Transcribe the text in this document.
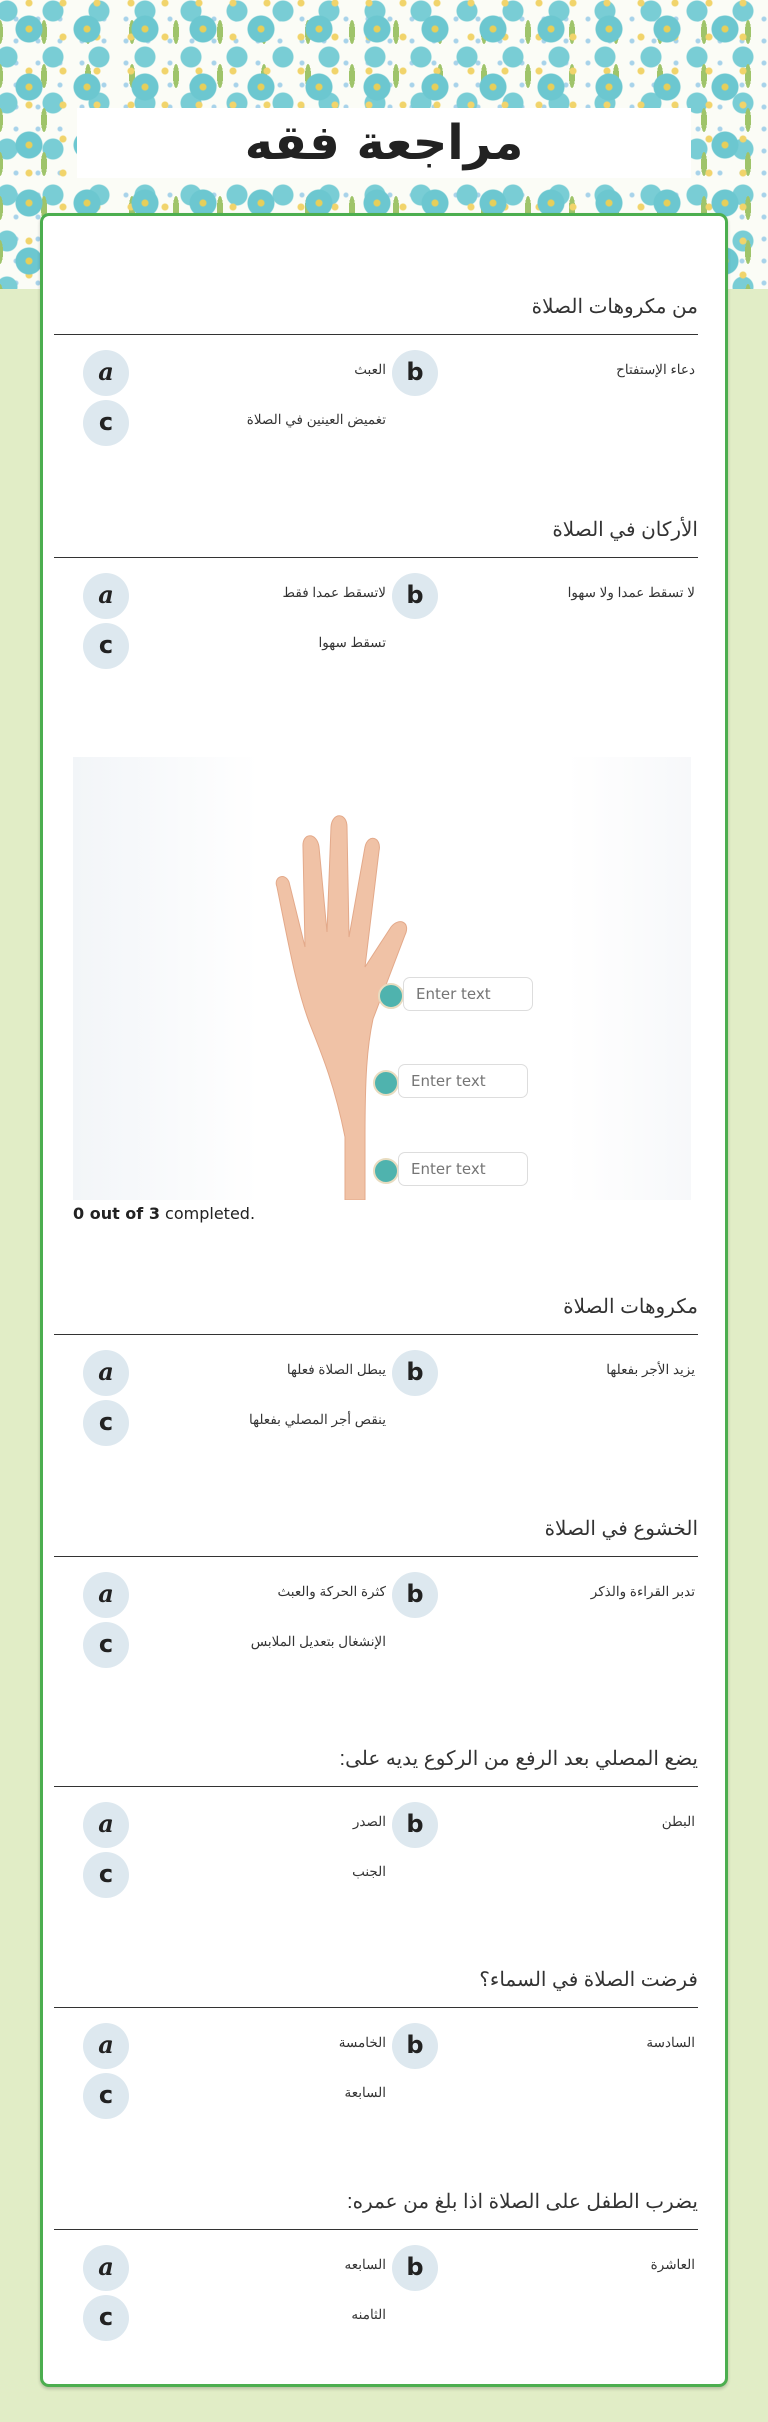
مراجعة فقه

Enter text
Enter text
Enter text
0 out of 3 completed.
من مكروهات الصلاة
a	دعاء الإستفتاح
b
العبث
c	تغميض العينين في الصلاة
الأركان في الصلاة
a	لا تسقط عمدا ولا سهوا
b
لاتسقط عمدا فقط
c	تسقط سهوا
مكروهات الصلاة
a	يزيد الأجر بفعلها
b
يبطل الصلاة فعلها
c	ينقص أجر المصلي بفعلها
الخشوع في الصلاة
a	تدبر القراءة والذكر
b
كثرة الحركة والعبث
c	الإنشغال بتعديل الملابس
يضع المصلي بعد الرفع من الركوع يديه على:
a	البطن
b
الصدر
c	الجنب
فرضت الصلاة في السماء؟
a	السادسة
b
الخامسة
c	السابعة
يضرب الطفل على الصلاة اذا بلغ من عمره:
a	العاشرة
b
السابعه
c	الثامنه
